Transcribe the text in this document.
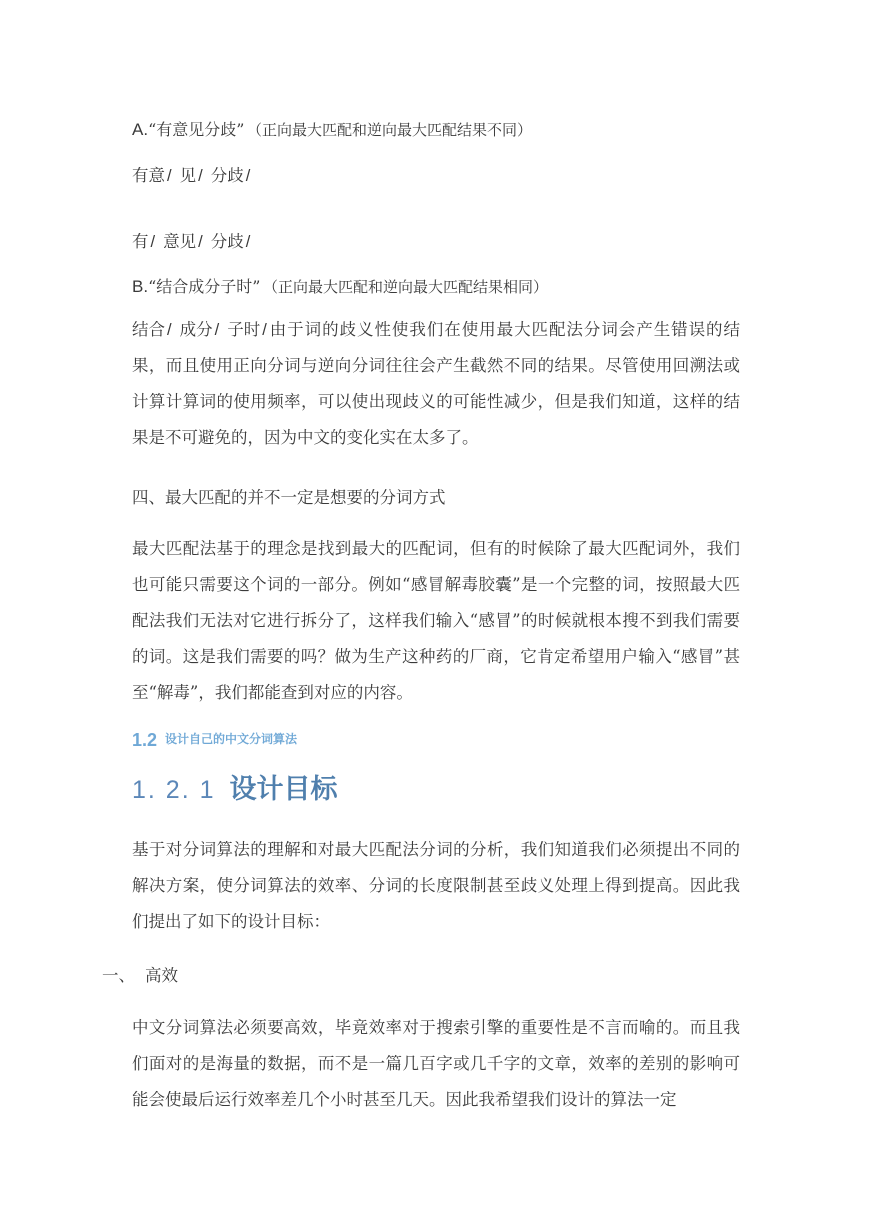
A.“有意见分歧” （正向最大匹配和逆向最大匹配结果不同）
有意 / 见 / 分歧 /
有 / 意见 / 分歧 /
B.“结合成分子时” （正向最大匹配和逆向最大匹配结果相同）
结合 / 成分 / 子时 / 由于词的歧义性使我们在使用最大匹配法分词会产生错误的结果，而且使用正向分词与逆向分词往往会产生截然不同的结果。尽管使用回溯法或计算计算词的使用频率，可以使出现歧义的可能性减少，但是我们知道，这样的结果是不可避免的，因为中文的变化实在太多了。
四、最大匹配的并不一定是想要的分词方式
最大匹配法基于的理念是找到最大的匹配词，但有的时候除了最大匹配词外，我们也可能只需要这个词的一部分。例如“感冒解毒胶囊”是一个完整的词，按照最大匹配法我们无法对它进行拆分了，这样我们输入“感冒”的时候就根本搜不到我们需要的词。这是我们需要的吗？做为生产这种药的厂商，它肯定希望用户输入“感冒”甚至“解毒”，我们都能查到对应的内容。
1.2 设计自己的中文分词算法
1. 2. 1 设计目标
基于对分词算法的理解和对最大匹配法分词的分析，我们知道我们必须提出不同的解决方案，使分词算法的效率、分词的长度限制甚至歧义处理上得到提高。因此我们提出了如下的设计目标：
一、 高效
中文分词算法必须要高效，毕竟效率对于搜索引擎的重要性是不言而喻的。而且我们面对的是海量的数据，而不是一篇几百字或几千字的文章，效率的差别的影响可能会使最后运行效率差几个小时甚至几天。因此我希望我们设计的算法一定
